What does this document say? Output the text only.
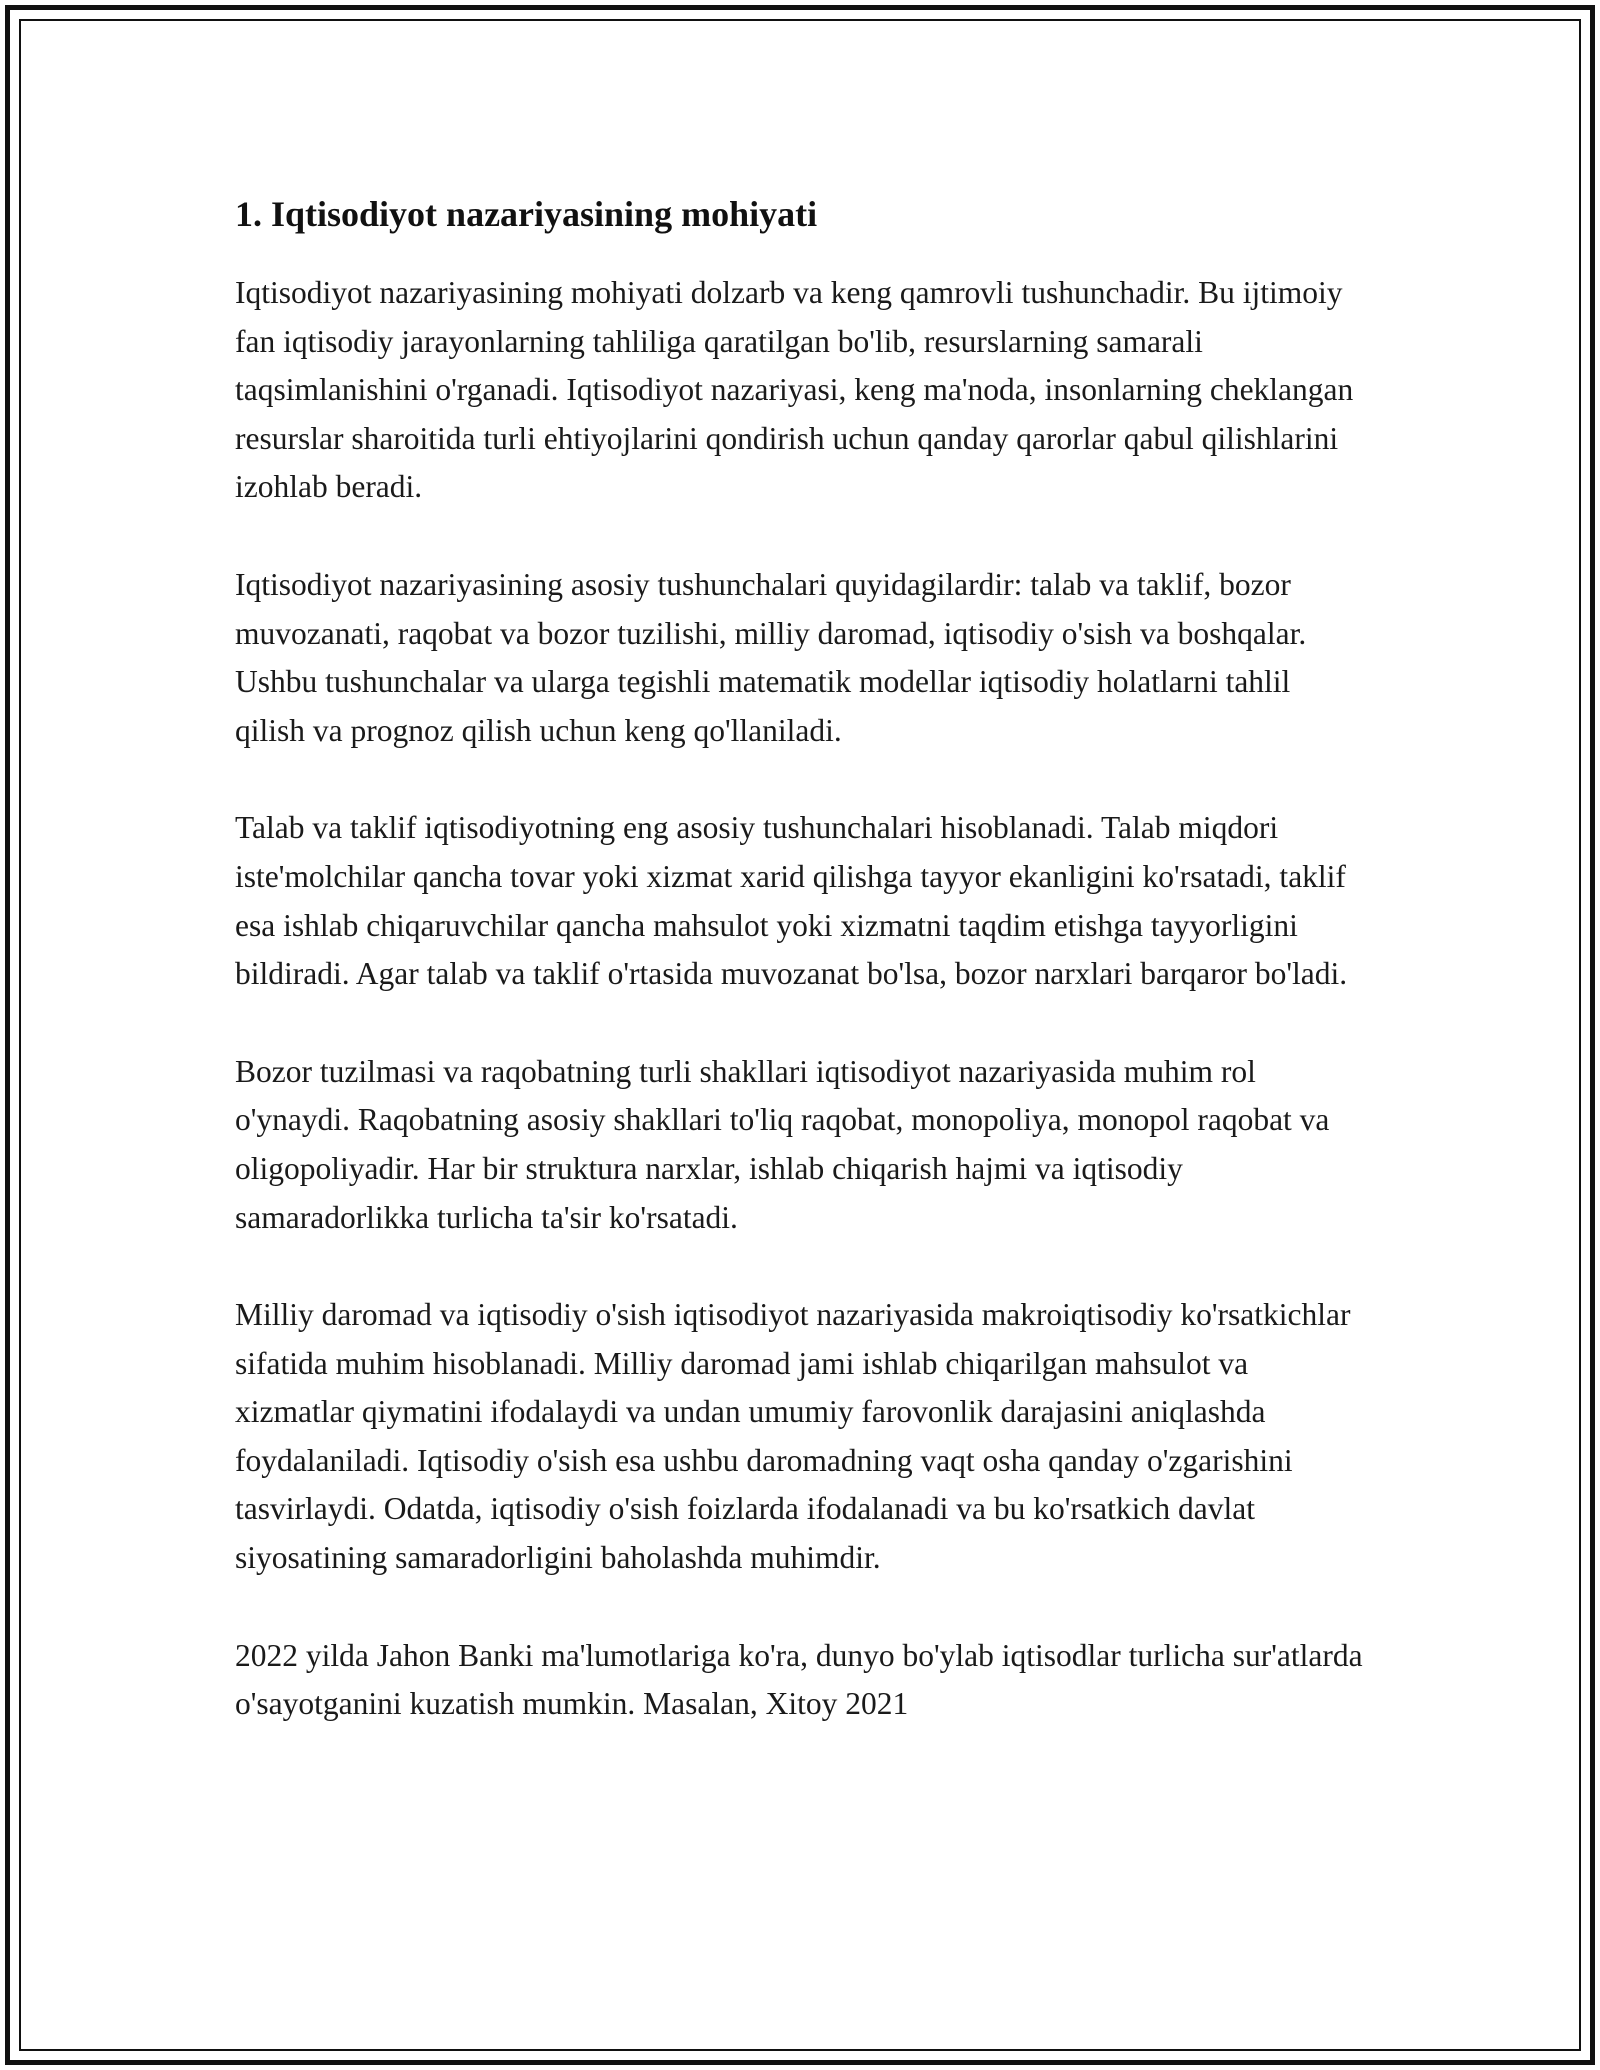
1. Iqtisodiyot nazariyasining mohiyati

Iqtisodiyot nazariyasining mohiyati dolzarb va keng qamrovli tushunchadir. Bu ijtimoiy fan iqtisodiy jarayonlarning tahliliga qaratilgan bo'lib, resurslarning samarali taqsimlanishini o'rganadi. Iqtisodiyot nazariyasi, keng ma'noda, insonlarning cheklangan resurslar sharoitida turli ehtiyojlarini qondirish uchun qanday qarorlar qabul qilishlarini izohlab beradi.

Iqtisodiyot nazariyasining asosiy tushunchalari quyidagilardir: talab va taklif, bozor muvozanati, raqobat va bozor tuzilishi, milliy daromad, iqtisodiy o'sish va boshqalar. Ushbu tushunchalar va ularga tegishli matematik modellar iqtisodiy holatlarni tahlil qilish va prognoz qilish uchun keng qo'llaniladi.

Talab va taklif iqtisodiyotning eng asosiy tushunchalari hisoblanadi. Talab miqdori iste'molchilar qancha tovar yoki xizmat xarid qilishga tayyor ekanligini ko'rsatadi, taklif esa ishlab chiqaruvchilar qancha mahsulot yoki xizmatni taqdim etishga tayyorligini bildiradi. Agar talab va taklif o'rtasida muvozanat bo'lsa, bozor narxlari barqaror bo'ladi.

Bozor tuzilmasi va raqobatning turli shakllari iqtisodiyot nazariyasida muhim rol o'ynaydi. Raqobatning asosiy shakllari to'liq raqobat, monopoliya, monopol raqobat va oligopoliyadir. Har bir struktura narxlar, ishlab chiqarish hajmi va iqtisodiy samaradorlikka turlicha ta'sir ko'rsatadi.

Milliy daromad va iqtisodiy o'sish iqtisodiyot nazariyasida makroiqtisodiy ko'rsatkichlar sifatida muhim hisoblanadi. Milliy daromad jami ishlab chiqarilgan mahsulot va xizmatlar qiymatini ifodalaydi va undan umumiy farovonlik darajasini aniqlashda foydalaniladi. Iqtisodiy o'sish esa ushbu daromadning vaqt osha qanday o'zgarishini tasvirlaydi. Odatda, iqtisodiy o'sish foizlarda ifodalanadi va bu ko'rsatkich davlat siyosatining samaradorligini baholashda muhimdir.

2022 yilda Jahon Banki ma'lumotlariga ko'ra, dunyo bo'ylab iqtisodlar turlicha sur'atlarda o'sayotganini kuzatish mumkin. Masalan, Xitoy 2021
